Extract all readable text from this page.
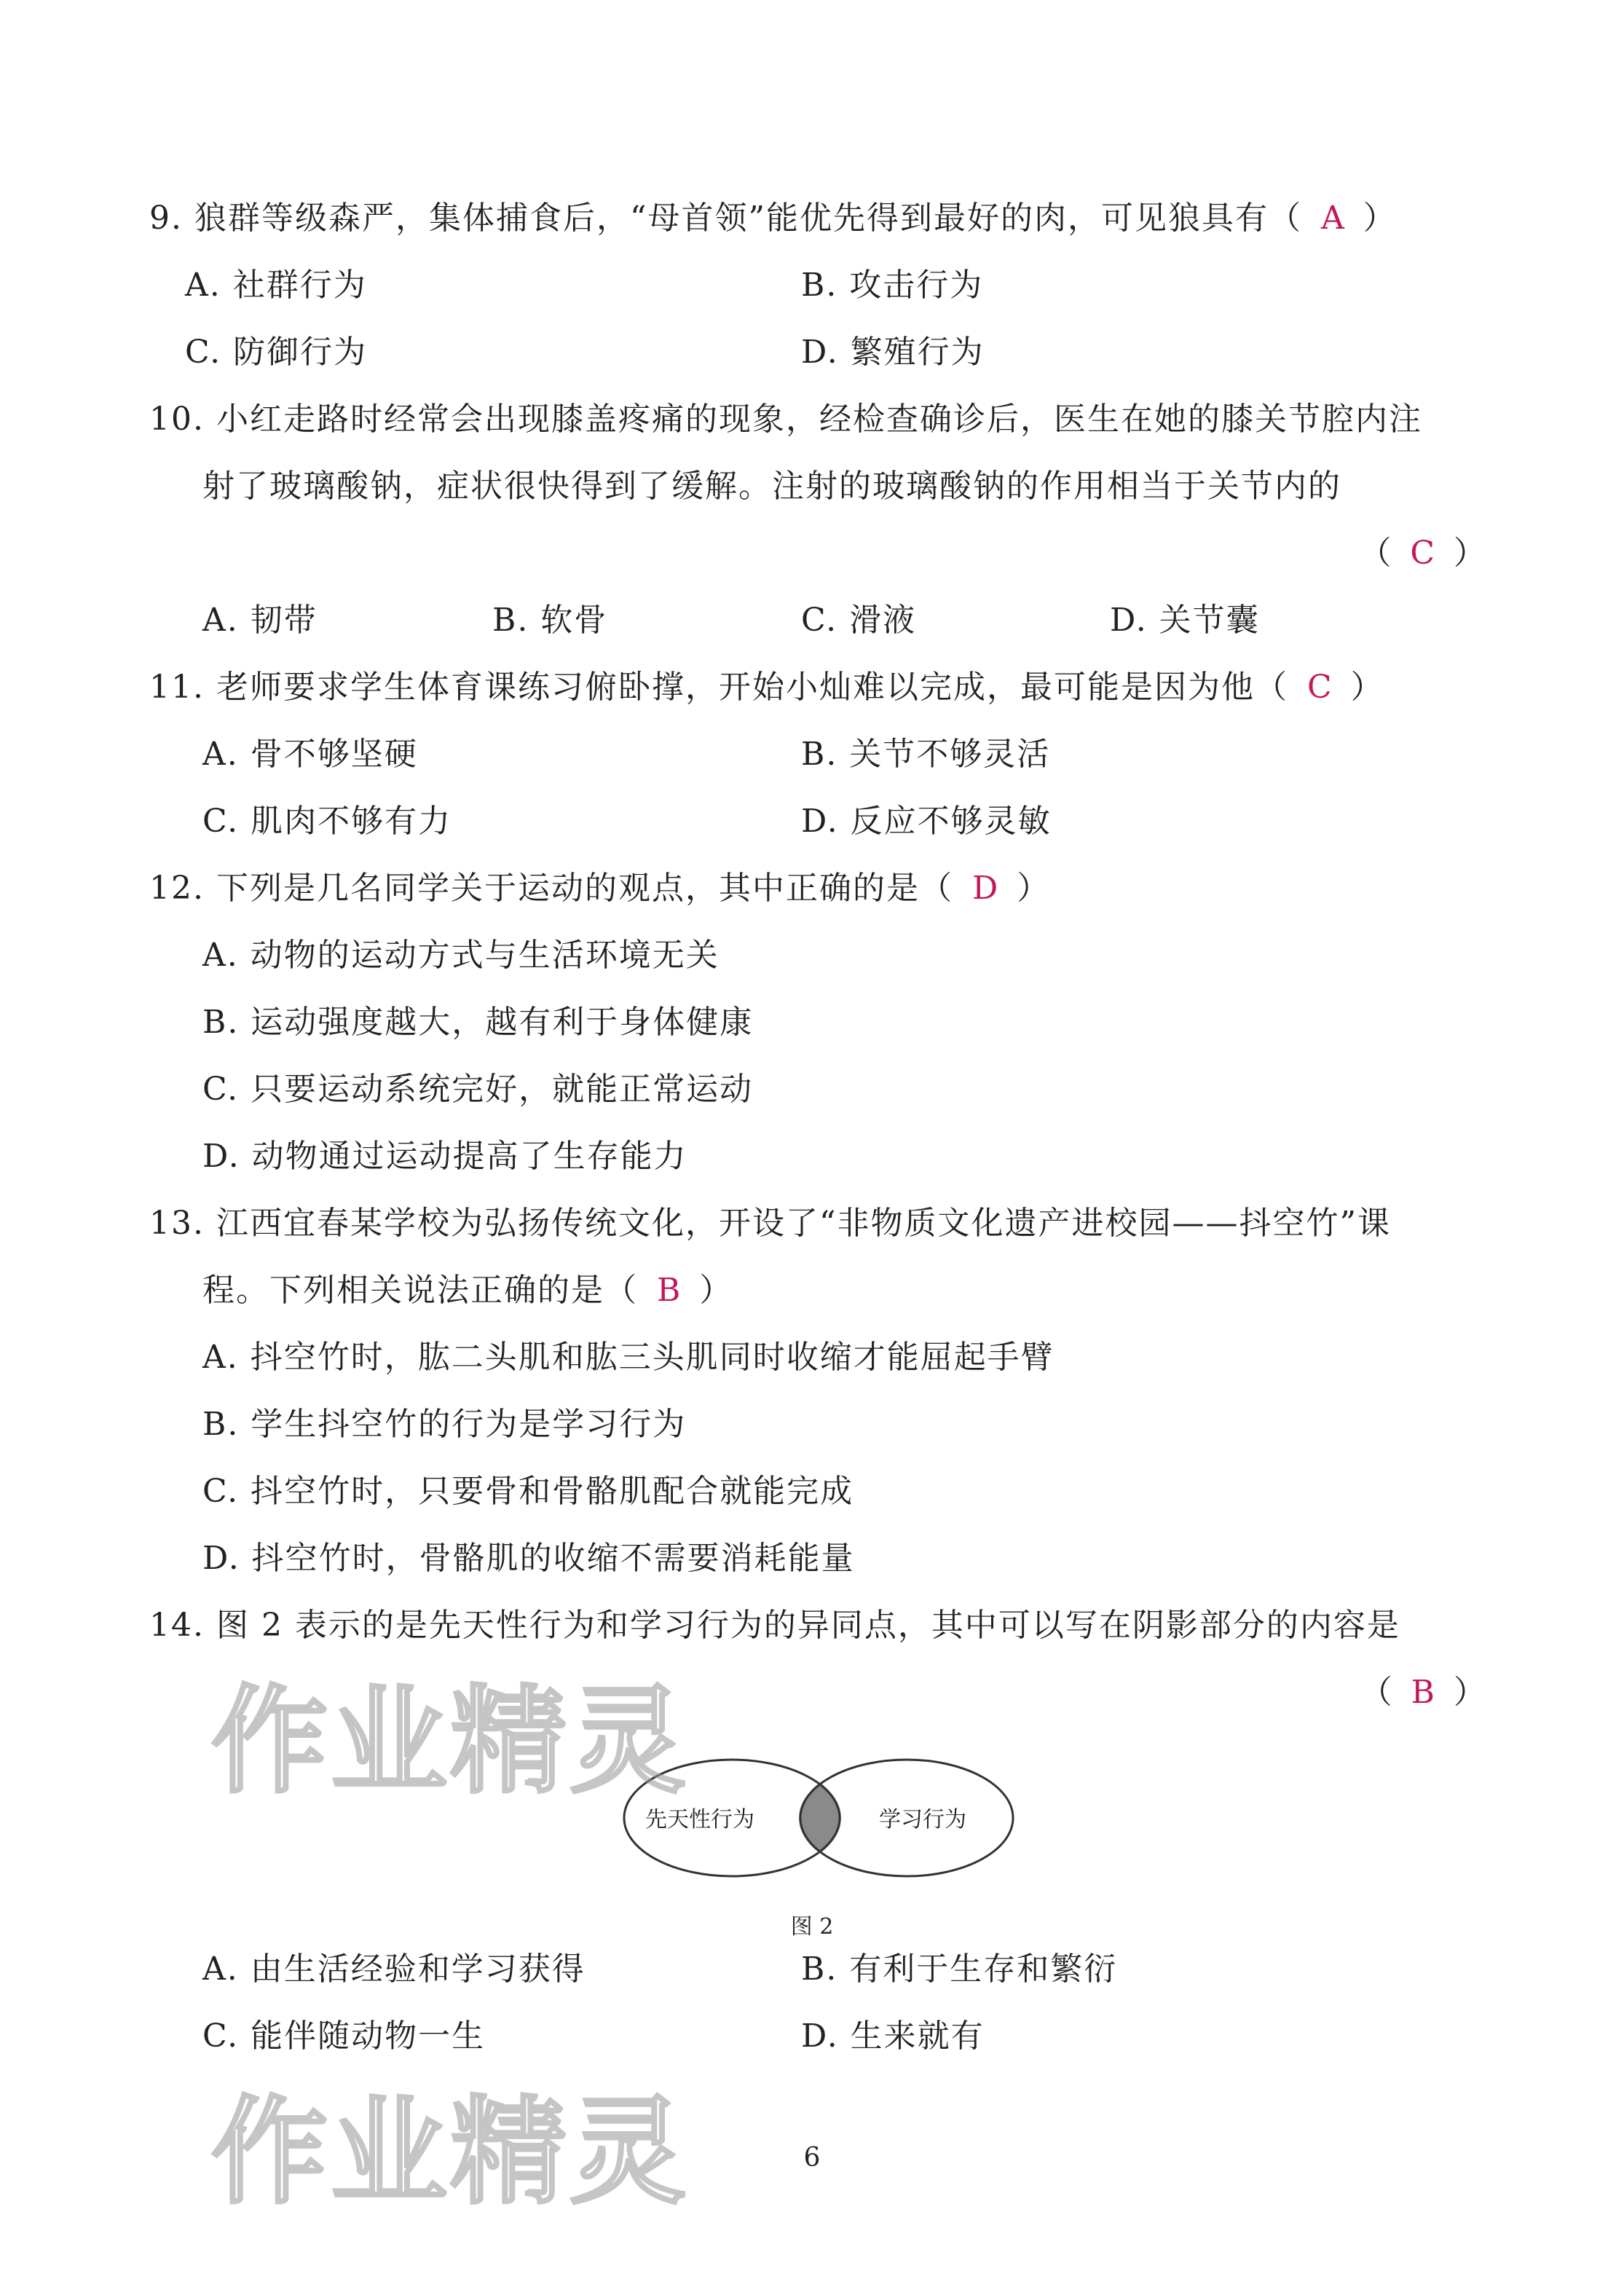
9. 狼群等级森严，集体捕食后，“母首领”能优先得到最好的肉，可见狼具有（ A ）
A. 社群行为	B. 攻击行为
C. 防御行为	D. 繁殖行为
10. 小红走路时经常会出现膝盖疼痛的现象，经检查确诊后，医生在她的膝关节腔内注
射了玻璃酸钠，症状很快得到了缓解。注射的玻璃酸钠的作用相当于关节内的
（ C ）
A. 韧带	B. 软骨	C. 滑液	D. 关节囊
11. 老师要求学生体育课练习俯卧撑，开始小灿难以完成，最可能是因为他（ C ）
A. 骨不够坚硬	B. 关节不够灵活
C. 肌肉不够有力	D. 反应不够灵敏
12. 下列是几名同学关于运动的观点，其中正确的是（ D ）
A. 动物的运动方式与生活环境无关
B. 运动强度越大，越有利于身体健康
C. 只要运动系统完好，就能正常运动
D. 动物通过运动提高了生存能力
13. 江西宜春某学校为弘扬传统文化，开设了“非物质文化遗产进校园——抖空竹”课
程。下列相关说法正确的是（ B ）
A. 抖空竹时，肱二头肌和肱三头肌同时收缩才能屈起手臂
B. 学生抖空竹的行为是学习行为
C. 抖空竹时，只要骨和骨骼肌配合就能完成
D. 抖空竹时，骨骼肌的收缩不需要消耗能量
14. 图 2 表示的是先天性行为和学习行为的异同点，其中可以写在阴影部分的内容是
（ B ）
先天性行为	学习行为
图 2
A. 由生活经验和学习获得	B. 有利于生存和繁衍
C. 能伴随动物一生	D. 生来就有
作业精灵
作业精灵	6
